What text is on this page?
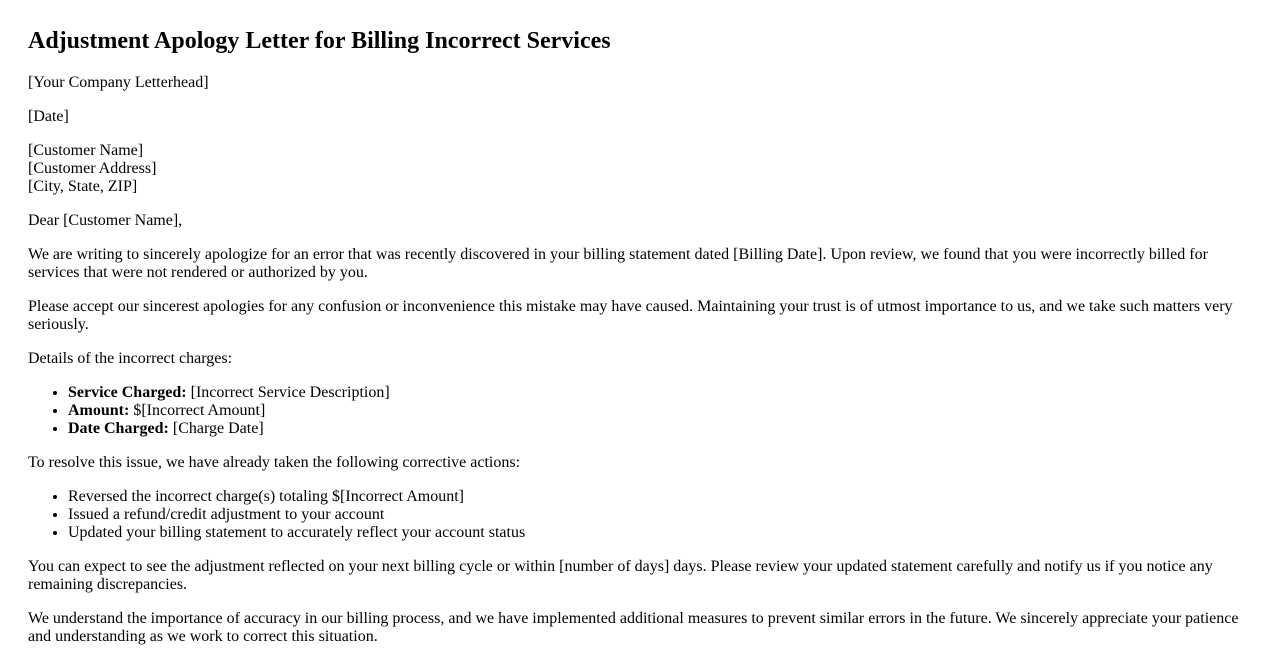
Adjustment Apology Letter for Billing Incorrect Services

[Your Company Letterhead]

[Date]

[Customer Name]
[Customer Address]
[City, State, ZIP]

Dear [Customer Name],

We are writing to sincerely apologize for an error that was recently discovered in your billing statement dated [Billing Date]. Upon review, we found that you were incorrectly billed for services that were not rendered or authorized by you.

Please accept our sincerest apologies for any confusion or inconvenience this mistake may have caused. Maintaining your trust is of utmost importance to us, and we take such matters very seriously.

Details of the incorrect charges:

• Service Charged: [Incorrect Service Description]
• Amount: $[Incorrect Amount]
• Date Charged: [Charge Date]

To resolve this issue, we have already taken the following corrective actions:

• Reversed the incorrect charge(s) totaling $[Incorrect Amount]
• Issued a refund/credit adjustment to your account
• Updated your billing statement to accurately reflect your account status

You can expect to see the adjustment reflected on your next billing cycle or within [number of days] days. Please review your updated statement carefully and notify us if you notice any remaining discrepancies.

We understand the importance of accuracy in our billing process, and we have implemented additional measures to prevent similar errors in the future. We sincerely appreciate your patience and understanding as we work to correct this situation.
